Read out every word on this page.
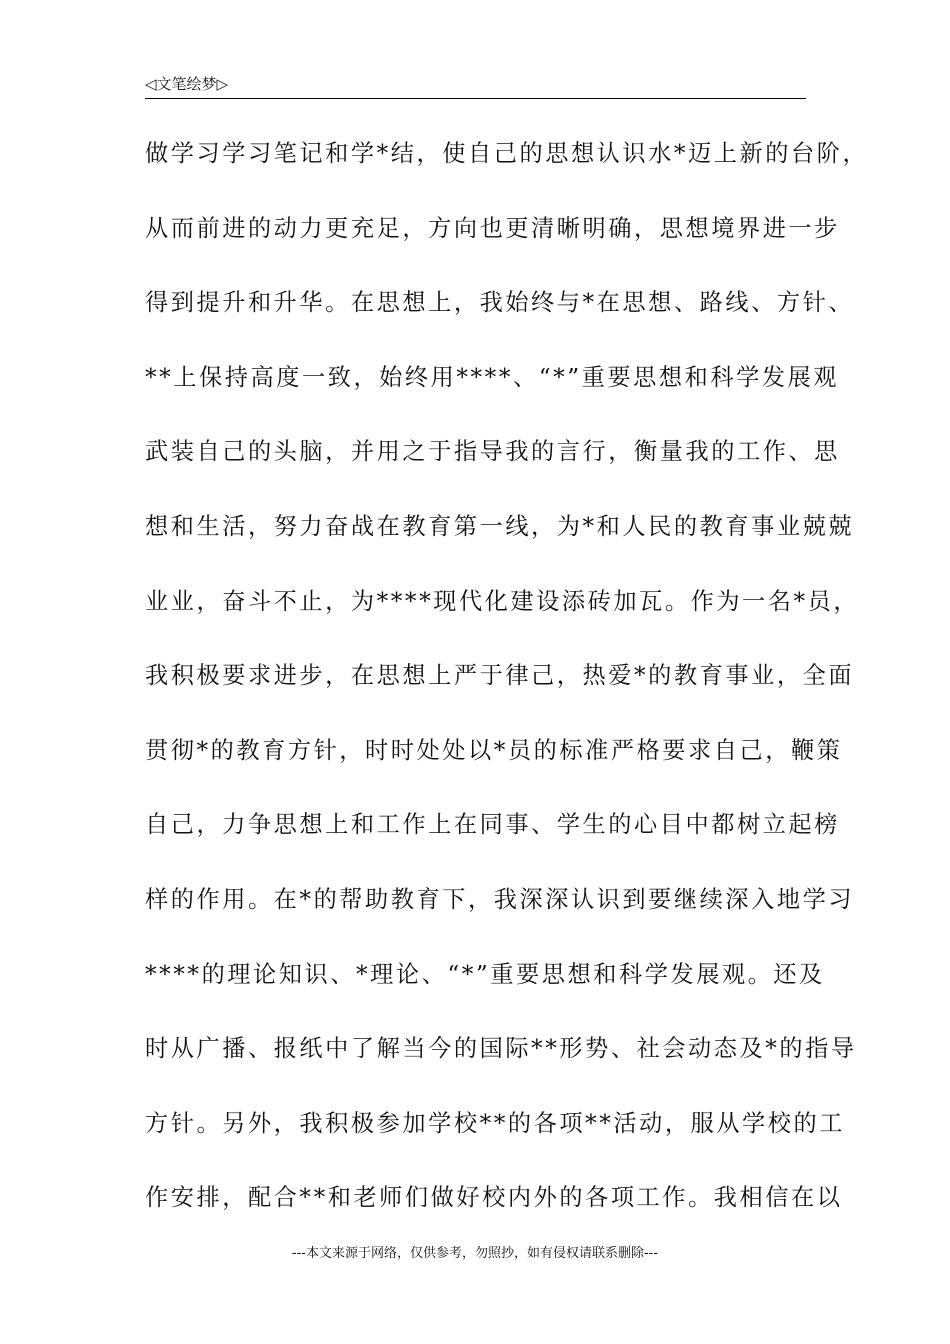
◁文笔绘梦▷
做学习学习笔记和学*结，使自己的思想认识水*迈上新的台阶，
从而前进的动力更充足，方向也更清晰明确，思想境界进一步
得到提升和升华。在思想上，我始终与*在思想、路线、方针、
**上保持高度一致，始终用****、“*”重要思想和科学发展观
武装自己的头脑，并用之于指导我的言行，衡量我的工作、思
想和生活，努力奋战在教育第一线，为*和人民的教育事业兢兢
业业，奋斗不止，为****现代化建设添砖加瓦。作为一名*员，
我积极要求进步，在思想上严于律己，热爱*的教育事业，全面
贯彻*的教育方针，时时处处以*员的标准严格要求自己，鞭策
自己，力争思想上和工作上在同事、学生的心目中都树立起榜
样的作用。在*的帮助教育下，我深深认识到要继续深入地学习
****的理论知识、*理论、“*”重要思想和科学发展观。还及
时从广播、报纸中了解当今的国际**形势、社会动态及*的指导
方针。另外，我积极参加学校**的各项**活动，服从学校的工
作安排，配合**和老师们做好校内外的各项工作。我相信在以
---本文来源于网络，仅供参考，勿照抄，如有侵权请联系删除---
